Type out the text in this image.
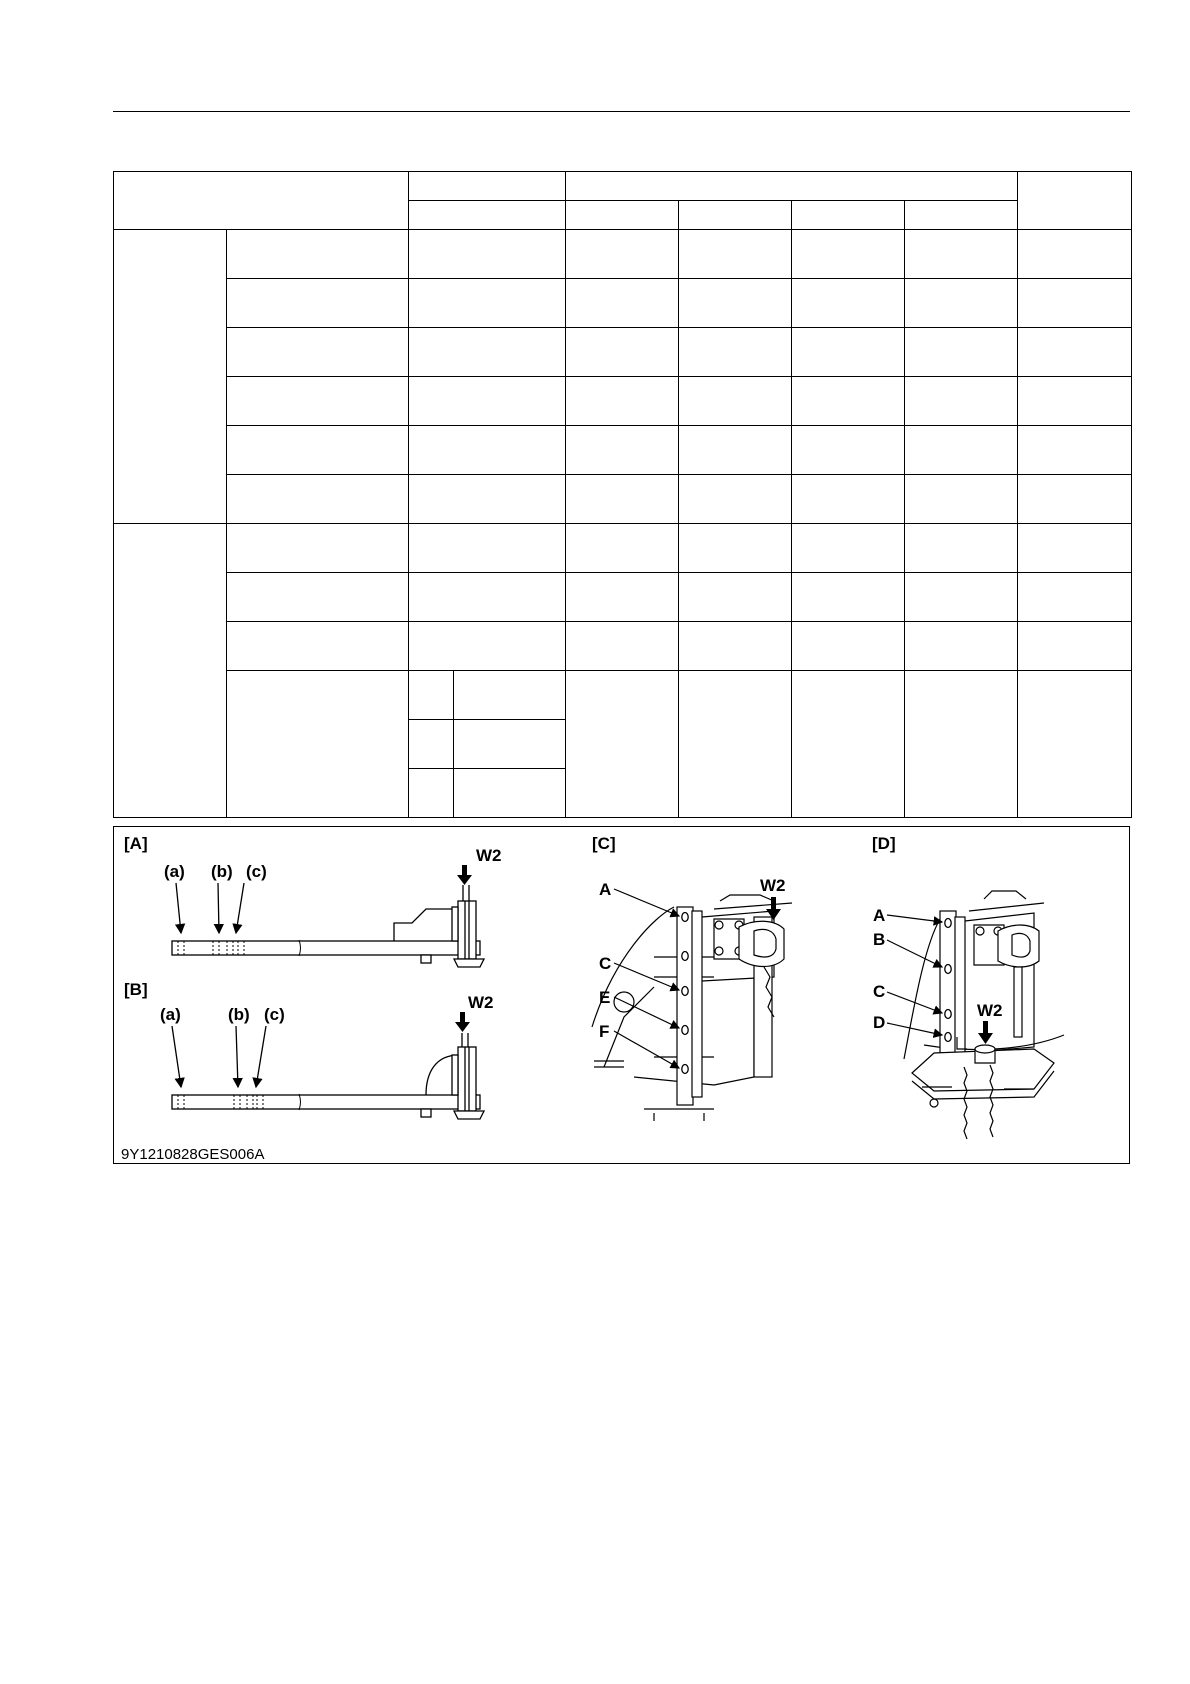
[A]
(a) (b) (c)
W2
[B]
(a)	(b) (c)
W2
[C]
A
C
E
F
W2
[D]
A
B
C
D
W2
9Y1210828GES006A
